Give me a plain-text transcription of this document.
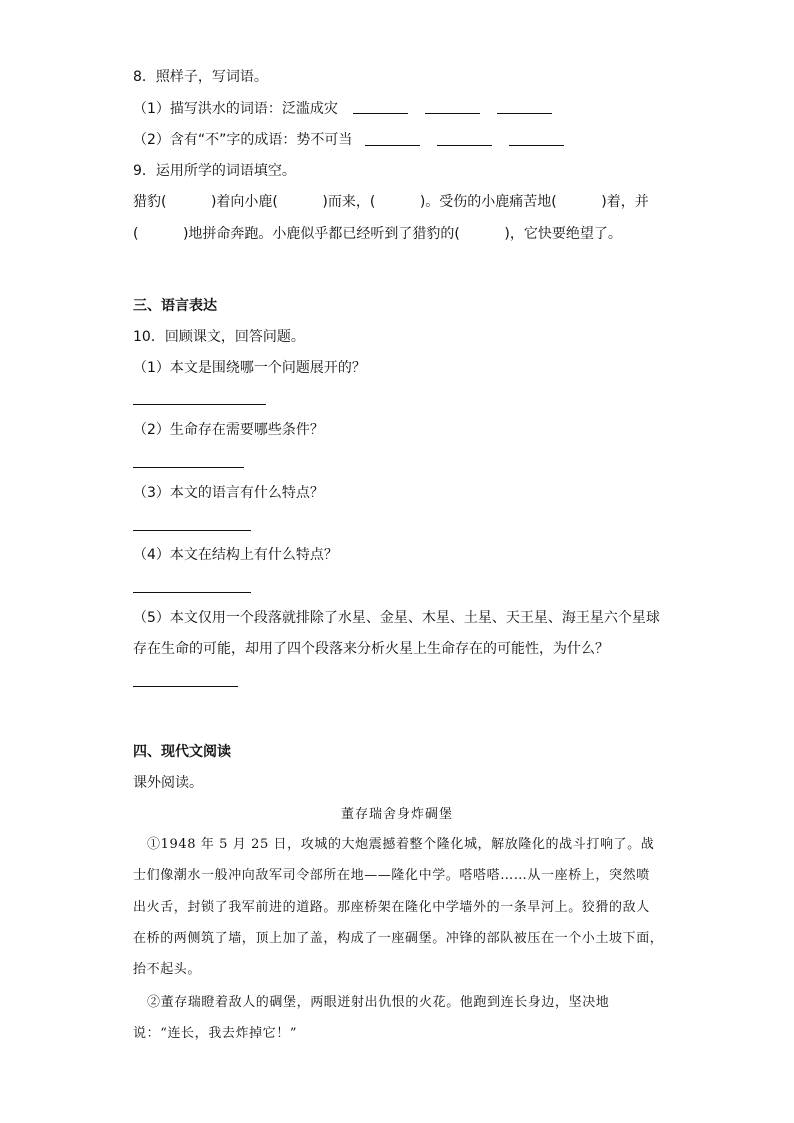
8．照样子，写词语。
（1）描写洪水的词语：泛滥成灾
（2）含有“不”字的成语：势不可当
9．运用所学的词语填空。
猎豹(          )着向小鹿(          )而来，(          )。受伤的小鹿痛苦地(          )着，并
(          )地拼命奔跑。小鹿似乎都已经听到了猎豹的(          )，它快要绝望了。
三、语言表达
10．回顾课文，回答问题。
（1）本文是围绕哪一个问题展开的？
（2）生命存在需要哪些条件？
（3）本文的语言有什么特点？
（4）本文在结构上有什么特点？
（5）本文仅用一个段落就排除了水星、金星、木星、土星、天王星、海王星六个星球
存在生命的可能，却用了四个段落来分析火星上生命存在的可能性，为什么？
四、现代文阅读
课外阅读。
董存瑞舍身炸碉堡
①1948 年 5 月 25 日，攻城的大炮震撼着整个隆化城，解放隆化的战斗打响了。战
士们像潮水一般冲向敌军司令部所在地——隆化中学。嗒嗒嗒……从一座桥上，突然喷
出火舌，封锁了我军前进的道路。那座桥架在隆化中学墙外的一条旱河上。狡猾的敌人
在桥的两侧筑了墙，顶上加了盖，构成了一座碉堡。冲锋的部队被压在一个小土坡下面，
抬不起头。
②董存瑞瞪着敌人的碉堡，两眼迸射出仇恨的火花。他跑到连长身边，坚决地
说：“连长，我去炸掉它！”
